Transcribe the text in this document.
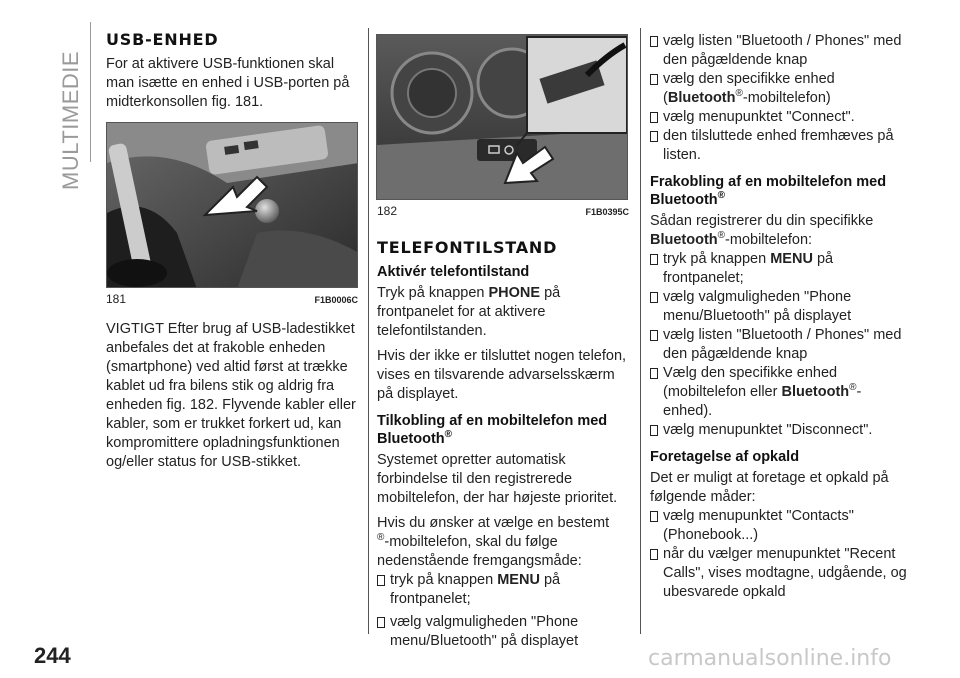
MULTIMEDIE
USB-ENHED

For at aktivere USB-funktionen skal man isætte en enhed i USB-porten på midterkonsollen fig. 181.

181	F1B0006C

VIGTIGT Efter brug af USB-ladestikket anbefales det at frakoble enheden (smartphone) ved altid først at trække kablet ud fra bilens stik og aldrig fra enheden fig. 182. Flyvende kabler eller kabler, som er trukket forkert ud, kan kompromittere opladningsfunktionen og/eller status for USB-stikket.

182	F1B0395C
TELEFONTILSTAND
Aktivér telefontilstand

Tryk på knappen PHONE på frontpanelet for at aktivere telefontilstanden.

Hvis der ikke er tilsluttet nogen telefon, vises en tilsvarende advarselsskærm på displayet.

Tilkobling af en mobiltelefon med Bluetooth®

Systemet opretter automatisk forbindelse til den registrerede mobiltelefon, der har højeste prioritet.

Hvis du ønsker at vælge en bestemt
®-mobiltelefon, skal du følge nedenstående fremgangsmåde:

tryk på knappen MENU på frontpanelet;
vælg valgmuligheden "Phone menu/Bluetooth" på displayet
vælg listen "Bluetooth / Phones" med den pågældende knap
vælg den specifikke enhed (Bluetooth®-mobiltelefon)
vælg menupunktet "Connect".
den tilsluttede enhed fremhæves på listen.
Frakobling af en mobiltelefon med Bluetooth®

Sådan registrerer du din specifikke
Bluetooth®-mobiltelefon:

tryk på knappen MENU på frontpanelet;
vælg valgmuligheden "Phone menu/Bluetooth" på displayet
vælg listen "Bluetooth / Phones" med den pågældende knap
Vælg den specifikke enhed (mobiltelefon eller Bluetooth®-enhed).
vælg menupunktet "Disconnect".
Foretagelse af opkald

Det er muligt at foretage et opkald på følgende måder:

vælg menupunktet "Contacts" (Phonebook...)
når du vælger menupunktet "Recent Calls", vises modtagne, udgående, og ubesvarede opkald
244	carmanualsonline.info
